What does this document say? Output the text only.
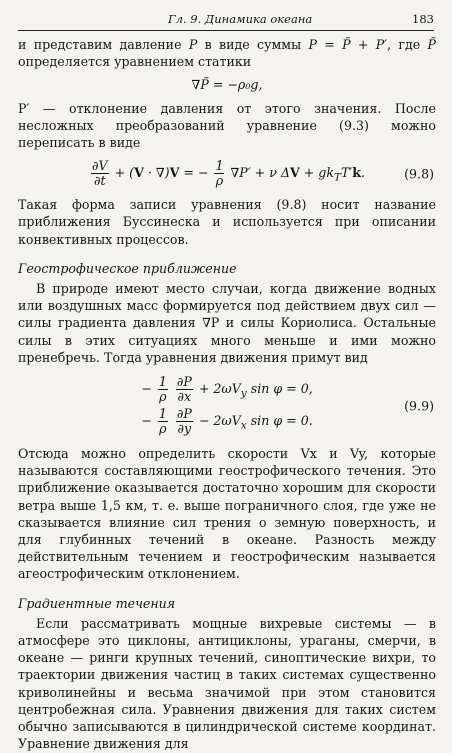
Гл. 9. Динамика океана	183

и представим давление P в виде суммы P = P̃ + P′, где P̃ определяется уравнением статики

∇P̃ = −ρ₀g,

P′ — отклонение давления от этого значения. После несложных преобразований уравнение (9.3) можно переписать в виде

$\frac{\partial V}{\partial t} + (V \cdot \nabla)V$ = − $\frac{1}{\rho} \nabla P' + \nu$ $\Delta V + gk_TT'k$.	(9.8)

Такая форма записи уравнения (9.8) носит название приближения Буссинеска и используется при описании конвективных процессов.

Геострофическое приближение

В природе имеют место случаи, когда движение водных или воздушных масс формируется под действием двух сил — силы градиента давления ∇P и силы Кориолиса. Остальные силы в этих ситуациях много меньше и ими можно пренебречь. Тогда уравнения движения примут вид

− $\frac{1}{\rho}$
$\frac{\partial P}{\partial x} + 2\omega V_y$ sin φ = 0,
− $\frac{1}{\rho}$
$\frac{\partial P}{\partial y} - 2\omega V_x$ sin φ = 0.
(9.9)

Отсюда можно определить скорости Vx и Vy, которые называются составляющими геострофического течения. Это приближение оказывается достаточно хорошим для скорости ветра выше 1,5 км, т. е. выше пограничного слоя, где уже не сказывается влияние сил трения о земную поверхность, и для глубинных течений в океане. Разность между действительным течением и геострофическим называется агеострофическим отклонением.

Градиентные течения

Если рассматривать мощные вихревые системы — в атмосфере это циклоны, антициклоны, ураганы, смерчи, в океане — ринги крупных течений, синоптические вихри, то траектории движения частиц в таких системах существенно криволинейны и весьма значимой при этом становится центробежная сила. Уравнения движения для таких систем обычно записываются в цилиндрической системе координат. Уравнение движения для
